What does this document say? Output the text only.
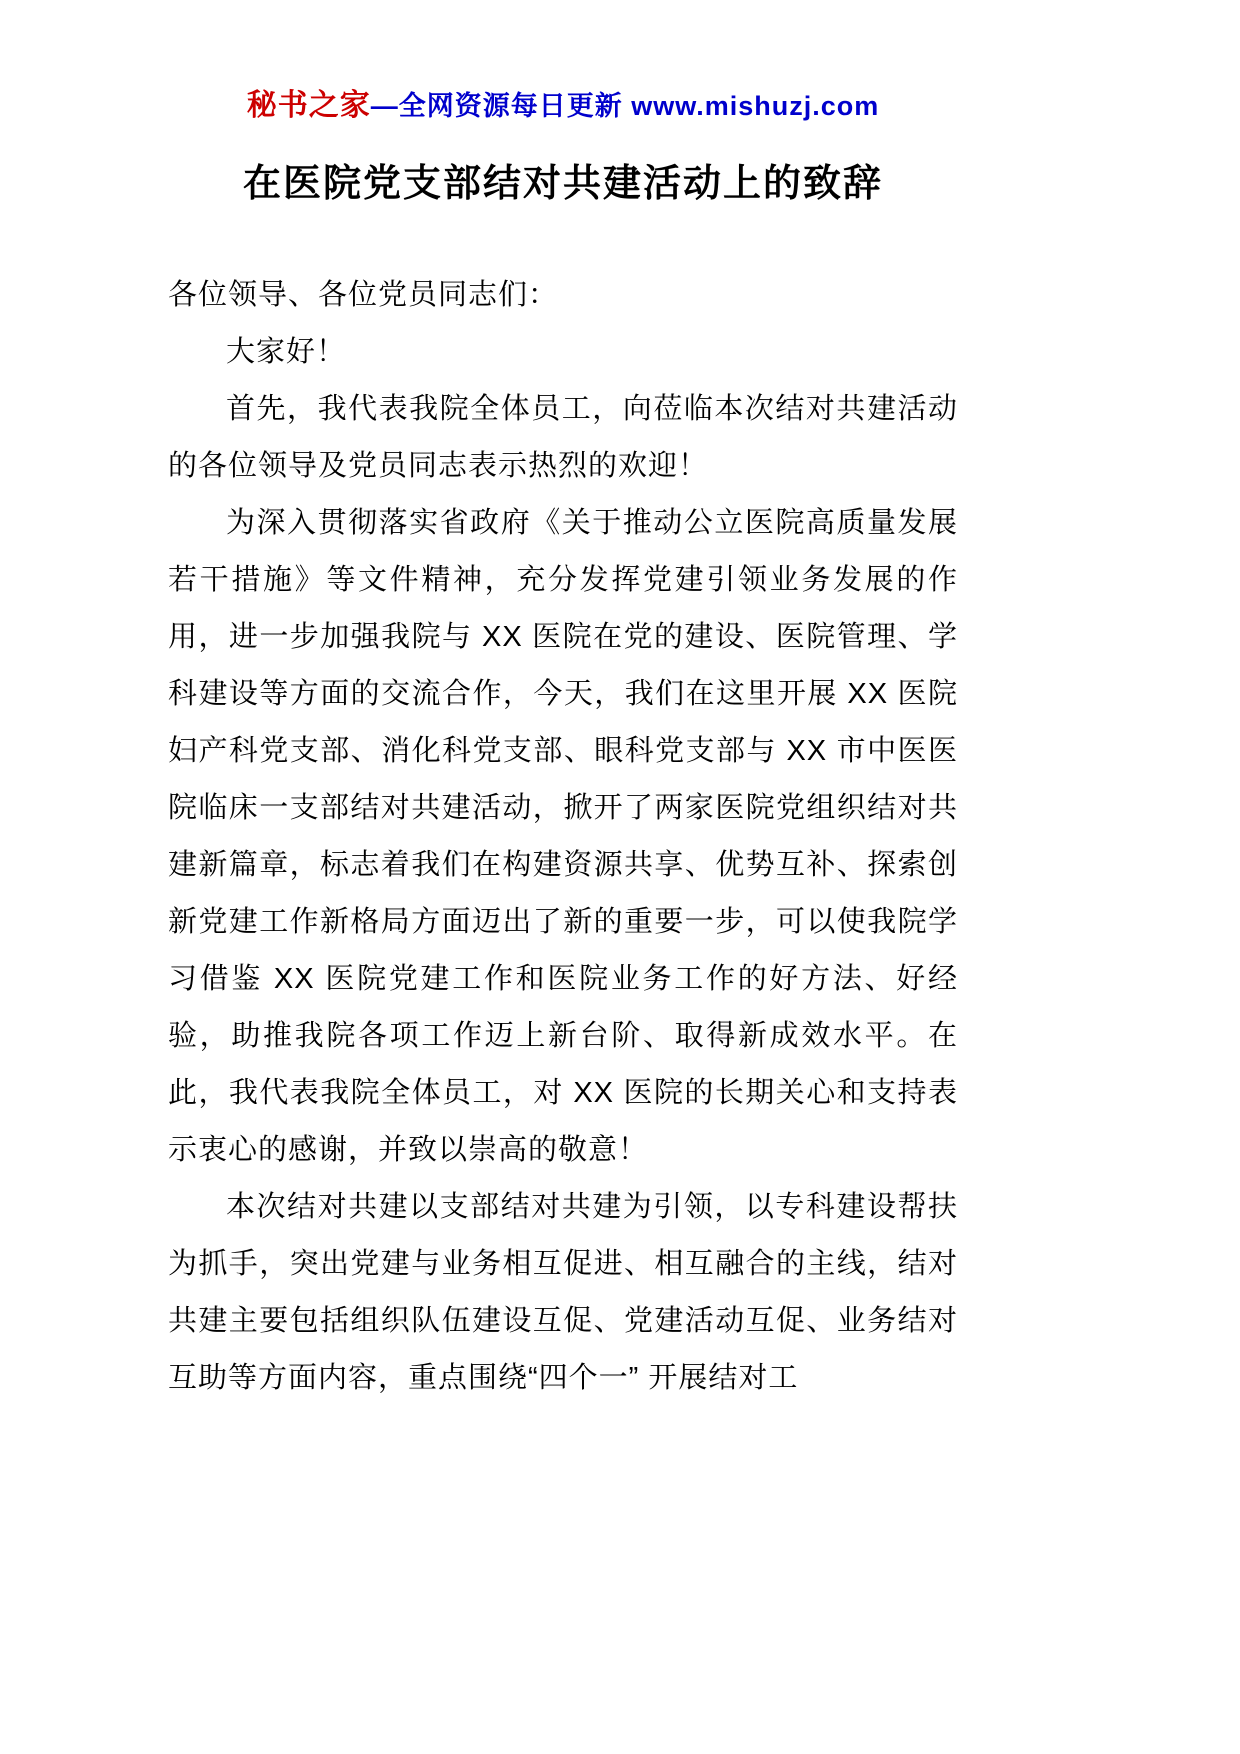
秘书之家—全网资源每日更新 www.mishuzj.com
在医院党支部结对共建活动上的致辞

各位领导、各位党员同志们：

大家好！

首先，我代表我院全体员工，向莅临本次结对共建活动的各位领导及党员同志表示热烈的欢迎！

为深入贯彻落实省政府《关于推动公立医院高质量发展若干措施》等文件精神，充分发挥党建引领业务发展的作用，进一步加强我院与 XX 医院在党的建设、医院管理、学科建设等方面的交流合作，今天，我们在这里开展 XX 医院妇产科党支部、消化科党支部、眼科党支部与 XX 市中医医院临床一支部结对共建活动，掀开了两家医院党组织结对共建新篇章，标志着我们在构建资源共享、优势互补、探索创新党建工作新格局方面迈出了新的重要一步，可以使我院学习借鉴 XX 医院党建工作和医院业务工作的好方法、好经验，助推我院各项工作迈上新台阶、取得新成效水平。在此，我代表我院全体员工，对 XX 医院的长期关心和支持表示衷心的感谢，并致以崇高的敬意！

本次结对共建以支部结对共建为引领，以专科建设帮扶为抓手，突出党建与业务相互促进、相互融合的主线，结对共建主要包括组织队伍建设互促、党建活动互促、业务结对互助等方面内容，重点围绕“四个一” 开展结对工
